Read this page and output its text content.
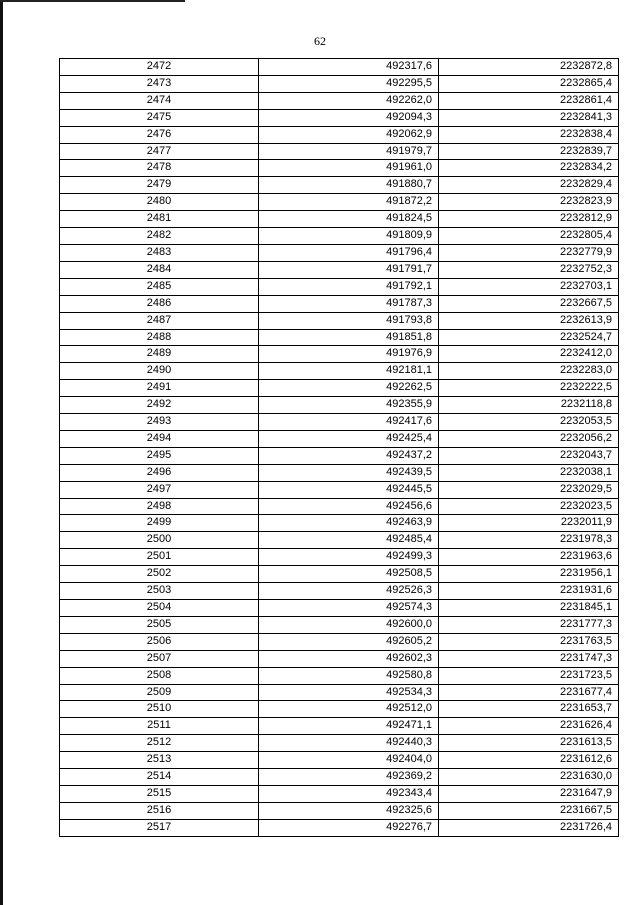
62
2472	492317,6	2232872,8
2473	492295,5	2232865,4
2474	492262,0	2232861,4
2475	492094,3	2232841,3
2476	492062,9	2232838,4
2477	491979,7	2232839,7
2478	491961,0	2232834,2
2479	491880,7	2232829,4
2480	491872,2	2232823,9
2481	491824,5	2232812,9
2482	491809,9	2232805,4
2483	491796,4	2232779,9
2484	491791,7	2232752,3
2485	491792,1	2232703,1
2486	491787,3	2232667,5
2487	491793,8	2232613,9
2488	491851,8	2232524,7
2489	491976,9	2232412,0
2490	492181,1	2232283,0
2491	492262,5	2232222,5
2492	492355,9	2232118,8
2493	492417,6	2232053,5
2494	492425,4	2232056,2
2495	492437,2	2232043,7
2496	492439,5	2232038,1
2497	492445,5	2232029,5
2498	492456,6	2232023,5
2499	492463,9	2232011,9
2500	492485,4	2231978,3
2501	492499,3	2231963,6
2502	492508,5	2231956,1
2503	492526,3	2231931,6
2504	492574,3	2231845,1
2505	492600,0	2231777,3
2506	492605,2	2231763,5
2507	492602,3	2231747,3
2508	492580,8	2231723,5
2509	492534,3	2231677,4
2510	492512,0	2231653,7
2511	492471,1	2231626,4
2512	492440,3	2231613,5
2513	492404,0	2231612,6
2514	492369,2	2231630,0
2515	492343,4	2231647,9
2516	492325,6	2231667,5
2517	492276,7	2231726,4
